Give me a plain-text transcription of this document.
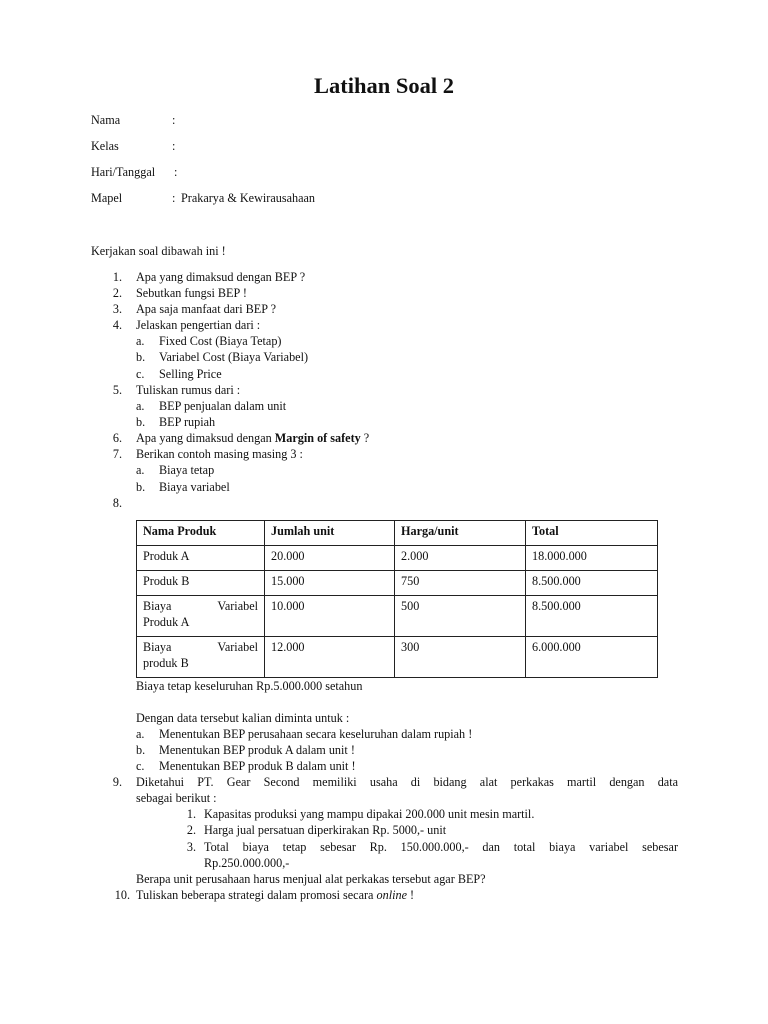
Latihan Soal 2
Nama	:
Kelas	:
Hari/Tanggal :
Mapel	: Prakarya & Kewirausahaan
Kerjakan soal dibawah ini !
1. Apa yang dimaksud dengan BEP ?
2. Sebutkan fungsi BEP !
3. Apa saja manfaat dari BEP ?
4. Jelaskan pengertian dari :
a. Fixed Cost (Biaya Tetap)
b. Variabel Cost (Biaya Variabel)
c. Selling Price
5. Tuliskan rumus dari :
a. BEP penjualan dalam unit
b. BEP rupiah
6. Apa yang dimaksud dengan Margin of safety ?
7. Berikan contoh masing masing 3 :
a. Biaya tetap
b. Biaya variabel
8.
Nama Produk	Jumlah unit	Harga/unit	Total
Produk A	20.000	2.000	18.000.000
Produk B	15.000	750	8.500.000

Biaya Variabel
Produk A	10.000	500	8.500.000

Biaya Variabel
produk B	12.000	300	6.000.000
Biaya tetap keseluruhan Rp.5.000.000 setahun
Dengan data tersebut kalian diminta untuk :
a. Menentukan BEP perusahaan secara keseluruhan dalam rupiah !
b. Menentukan BEP produk A dalam unit !
c. Menentukan BEP produk B dalam unit !
9. Diketahui PT. Gear Second memiliki usaha di bidang alat perkakas martil dengan data
sebagai berikut :
1. Kapasitas produksi yang mampu dipakai 200.000 unit mesin martil.
2. Harga jual persatuan diperkirakan Rp. 5000,- unit
3. Total biaya tetap sebesar Rp. 150.000.000,- dan total biaya variabel sebesar
Rp.250.000.000,-
Berapa unit perusahaan harus menjual alat perkakas tersebut agar BEP?
10. Tuliskan beberapa strategi dalam promosi secara online !
